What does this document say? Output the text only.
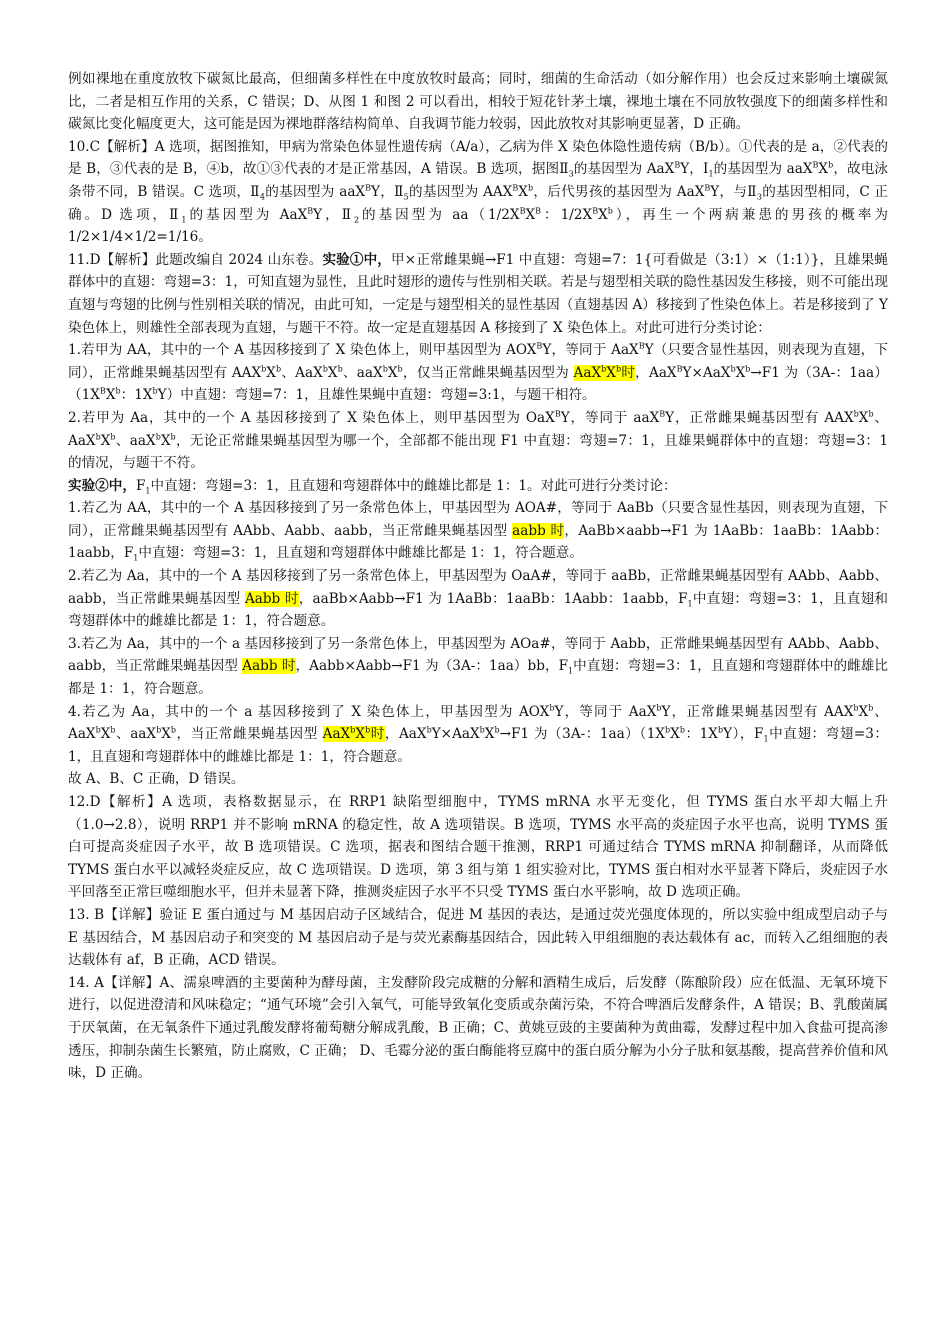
例如裸地在重度放牧下碳氮比最高，但细菌多样性在中度放牧时最高；同时，细菌的生命活动（如分解作用）也会反过来影响土壤碳氮比，二者是相互作用的关系，C 错误；D、从图 1 和图 2 可以看出，相较于短花针茅土壤，裸地土壤在不同放牧强度下的细菌多样性和碳氮比变化幅度更大，这可能是因为裸地群落结构简单、自我调节能力较弱，因此放牧对其影响更显著，D 正确。

10.C【解析】A 选项，据图推知，甲病为常染色体显性遗传病（A/a），乙病为伴 X 染色体隐性遗传病（B/b）。①代表的是 a，②代表的是 B，③代表的是 B，④b，故①③代表的才是正常基因，A 错误。B 选项，据图$Ⅱ_3$的基因型为 AaX$^B$Y，$Ⅰ_1$的基因型为 $aaX^BX^b$，故电泳条带不同，B 错误。C 选项，$Ⅱ_4$的基因型为 aaX$^B$Y，$Ⅱ_5$的基因型为 $AAX^BX^b$，后代男孩的基因型为 AaX$^B$Y，与$Ⅱ_3$的基因型相同，C 正确。D 选项，$Ⅱ_1$的基因型为 AaX$^B$Y，$Ⅱ_2$的基因型为 $aa(1/2X^BX^B$：$1/2X^BX^b$），再生一个两病兼患的男孩的概率为 1/2×1/4×1/2=1/16。

11.D【解析】此题改编自 2024 山东卷。实验①中，甲×正常雌果蝇→F1 中直翅：弯翅=7：1{可看做是（3:1）×（1:1）}，且雄果蝇群体中的直翅：弯翅=3：1，可知直翅为显性，且此时翅形的遗传与性别相关联。若是与翅型相关联的隐性基因发生移接，则不可能出现直翅与弯翅的比例与性别相关联的情况，由此可知，一定是与翅型相关的显性基因（直翅基因 A）移接到了性染色体上。若是移接到了 Y 染色体上，则雄性全部表现为直翅，与题干不符。故一定是直翅基因 A 移接到了 X 染色体上。对此可进行分类讨论：

1.若甲为 AA，其中的一个 A 基因移接到了 X 染色体上，则甲基因型为 $AOX^BY$，等同于 AaX$^B$Y（只要含显性基因，则表现为直翅，下同），正常雌果蝇基因型有 $AAX^bX^b$、$AaX^bX^b$、$aaX^bX^b$，仅当正常雌果蝇基因型为 $AaX^bX^b$时，$AaX^BY\times AaX^bX^b\to F1$ 为（3A-：$1aa)(1X^BX^b$：$1X^bY$）中直翅：弯翅=7：1，且雄性果蝇中直翅：弯翅=3:1，与题干相符。

2.若甲为 Aa，其中的一个 A 基因移接到了 X 染色体上，则甲基因型为 OaX$^B$Y，等同于 aaX$^B$Y，正常雌果蝇基因型有 $AAX^bX^b$、$AaX^bX^b$、$aaX^bX^b$，无论正常雌果蝇基因型为哪一个，全部都不能出现 F1 中直翅：弯翅=7：1，且雄果蝇群体中的直翅：弯翅=3：1 的情况，与题干不符。

实验②中，$F_1$中直翅：弯翅=3：1，且直翅和弯翅群体中的雌雄比都是 1：1。对此可进行分类讨论：

1.若乙为 AA，其中的一个 A 基因移接到了另一条常色体上，甲基因型为 AOA#，等同于 AaBb（只要含显性基因，则表现为直翅，下同），正常雌果蝇基因型有 AAbb、Aabb、aabb，当正常雌果蝇基因型 aabb 时，AaBb×aabb→F1 为 1AaBb：1aaBb：1Aabb：1aabb，$F_1$中直翅：弯翅=3：1，且直翅和弯翅群体中雌雄比都是 1：1，符合题意。

2.若乙为 Aa，其中的一个 A 基因移接到了另一条常色体上，甲基因型为 OaA#，等同于 aaBb，正常雌果蝇基因型有 AAbb、Aabb、aabb，当正常雌果蝇基因型 Aabb 时，aaBb×Aabb→F1 为 1AaBb：1aaBb：1Aabb：1aabb，$F_1$中直翅：弯翅=3：1，且直翅和弯翅群体中的雌雄比都是 1：1，符合题意。

3.若乙为 Aa，其中的一个 a 基因移接到了另一条常色体上，甲基因型为 AOa#，等同于 Aabb，正常雌果蝇基因型有 AAbb、Aabb、aabb，当正常雌果蝇基因型 Aabb 时，Aabb×Aabb→F1 为（3A-：1aa）bb，$F_1$中直翅：弯翅=3：1，且直翅和弯翅群体中的雌雄比都是 1：1，符合题意。

4.若乙为 Aa，其中的一个 a 基因移接到了 X 染色体上，甲基因型为 AOX$^b$Y，等同于 AaX$^b$Y，正常雌果蝇基因型有 $AAX^bX^b$、$AaX^bX^b$、$aaX^bX^b$，当正常雌果蝇基因型 $AaX^bX^b$时，$AaX^bY\times AaX^bX^b\to F1$ 为（3A-：$1aa)(1X^bX^b$：$1X^bY$），$F_1$中直翅：弯翅=3：1，且直翅和弯翅群体中的雌雄比都是 1：1，符合题意。

故 A、B、C 正确，D 错误。

12.D【解析】A 选项，表格数据显示，在 RRP1 缺陷型细胞中，TYMS mRNA 水平无变化，但 TYMS 蛋白水平却大幅上升（1.0→2.8），说明 RRP1 并不影响 mRNA 的稳定性，故 A 选项错误。B 选项，TYMS 水平高的炎症因子水平也高，说明 TYMS 蛋白可提高炎症因子水平，故 B 选项错误。C 选项，据表和图结合题干推测，RRP1 可通过结合 TYMS mRNA 抑制翻译，从而降低 TYMS 蛋白水平以减轻炎症反应，故 C 选项错误。D 选项，第 3 组与第 1 组实验对比，TYMS 蛋白相对水平显著下降后，炎症因子水平回落至正常巨噬细胞水平，但并未显著下降，推测炎症因子水平不只受 TYMS 蛋白水平影响，故 D 选项正确。

13. B【详解】验证 E 蛋白通过与 M 基因启动子区域结合，促进 M 基因的表达，是通过荧光强度体现的，所以实验中组成型启动子与 E 基因结合，M 基因启动子和突变的 M 基因启动子是与荧光素酶基因结合，因此转入甲组细胞的表达载体有 ac，而转入乙组细胞的表达载体有 af，B 正确，ACD 错误。

14. A【详解】A、濡泉啤酒的主要菌种为酵母菌，主发酵阶段完成糖的分解和酒精生成后，后发酵（陈酿阶段）应在低温、无氧环境下进行，以促进澄清和风味稳定；“通气环境”会引入氧气，可能导致氧化变质或杂菌污染，不符合啤酒后发酵条件，A 错误；B、乳酸菌属于厌氧菌，在无氧条件下通过乳酸发酵将葡萄糖分解成乳酸，B 正确；C、黄姚豆豉的主要菌种为黄曲霉，发酵过程中加入食盐可提高渗透压，抑制杂菌生长繁殖，防止腐败，C 正确； D、毛霉分泌的蛋白酶能将豆腐中的蛋白质分解为小分子肽和氨基酸，提高营养价值和风味，D 正确。
